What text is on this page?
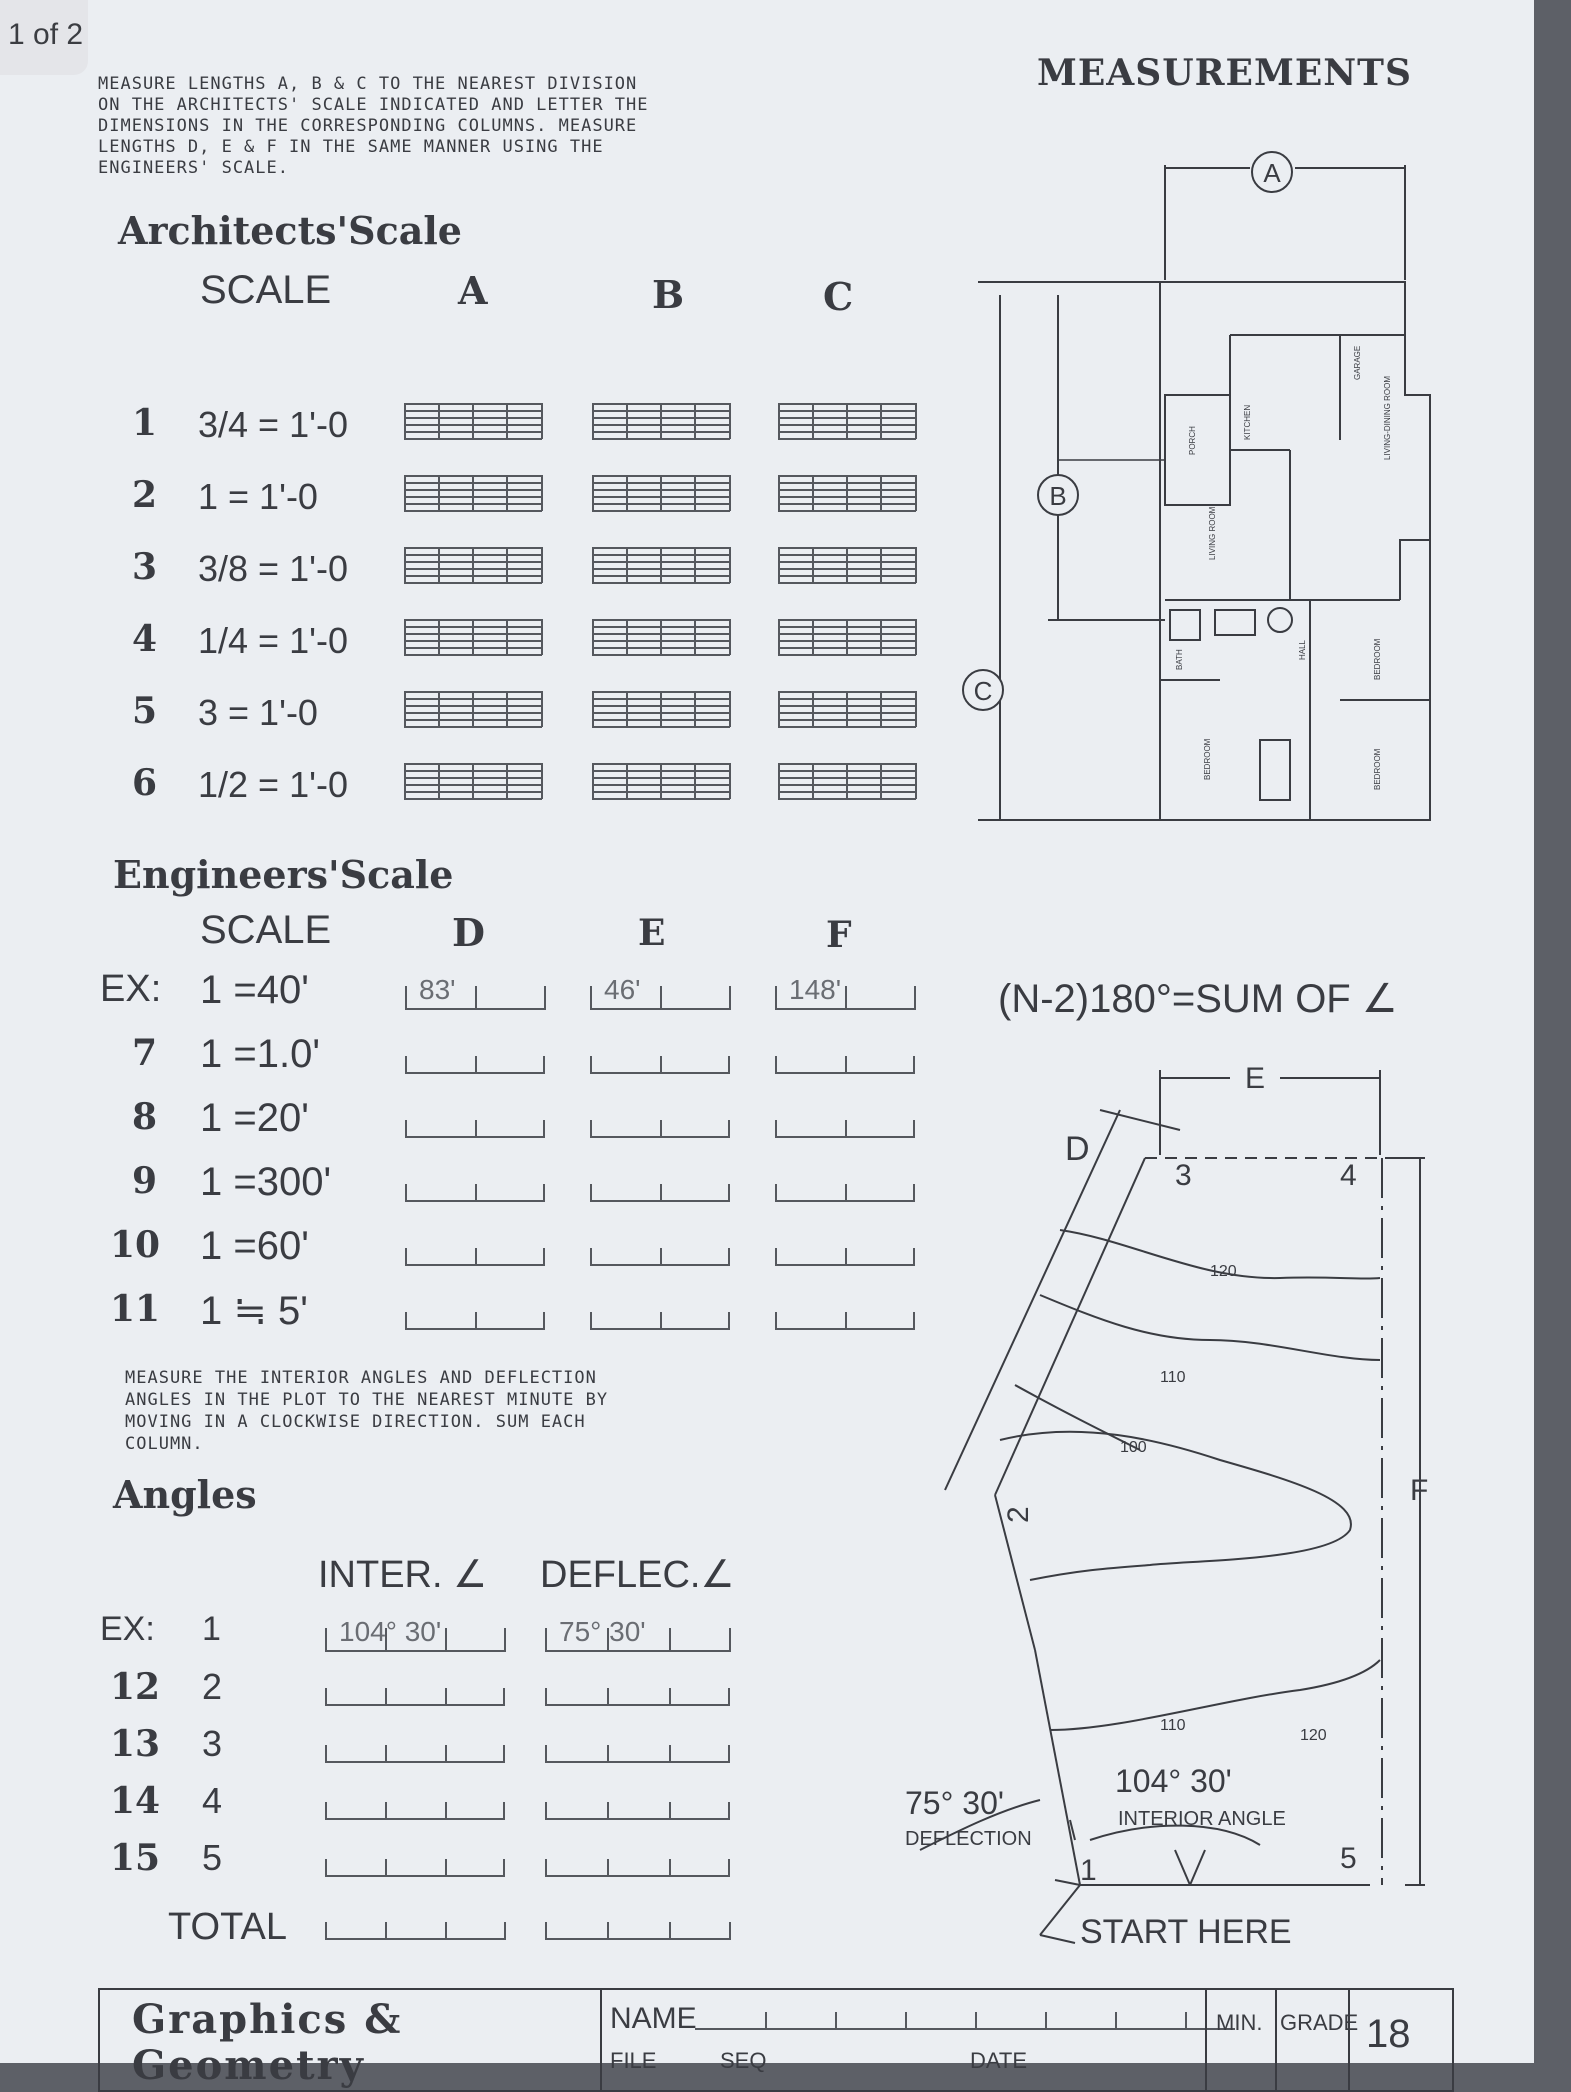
MEASURE LENGTHS A, B & C TO THE NEAREST DIVISION
ON THE ARCHITECTS' SCALE INDICATED AND LETTER THE
DIMENSIONS IN THE CORRESPONDING COLUMNS. MEASURE
LENGTHS D, E & F IN THE SAME MANNER USING THE
ENGINEERS' SCALE.
MEASUREMENTS
Architects'Scale
SCALE	A	B	C
1 3/4 = 1'-0
2 1 = 1'-0
3 3/8 = 1'-0
4 1/4 = 1'-0
5 3 = 1'-0
6 1/2 = 1'-0
Engineers'Scale
SCALE	D	E	F
EX: 1 =40'	83'	46'	148'
7 1 =1.0'
8 1 =20'
9 1 =300'
10 1 =60'
11 1 ≒ 5'
MEASURE THE INTERIOR ANGLES AND DEFLECTION
ANGLES IN THE PLOT TO THE NEAREST MINUTE BY
MOVING IN A CLOCKWISE DIRECTION. SUM EACH
COLUMN.
Angles
INTER. ∠ DEFLEC.∠
EX: 1	104° 30'	75° 30'
12 2
13 3
14 4
15 5
TOTAL
GARAGE
PORCH
KITCHEN	LIVING-DINING ROOM
LIVING ROOM
BATH
BEDROOM
BEDROOM
BEDROOM
HALL
A
B
C
(N-2)180°=SUM OF ∠
D
E
F
1
2
3	4
5
120
110
100
110
120
75° 30'
DEFLECTION
104° 30'
INTERIOR ANGLE
START HERE
Graphics &
Geometry
NAME
FILE	SEQ	DATE
MIN. GRADE 18
1 of 2
